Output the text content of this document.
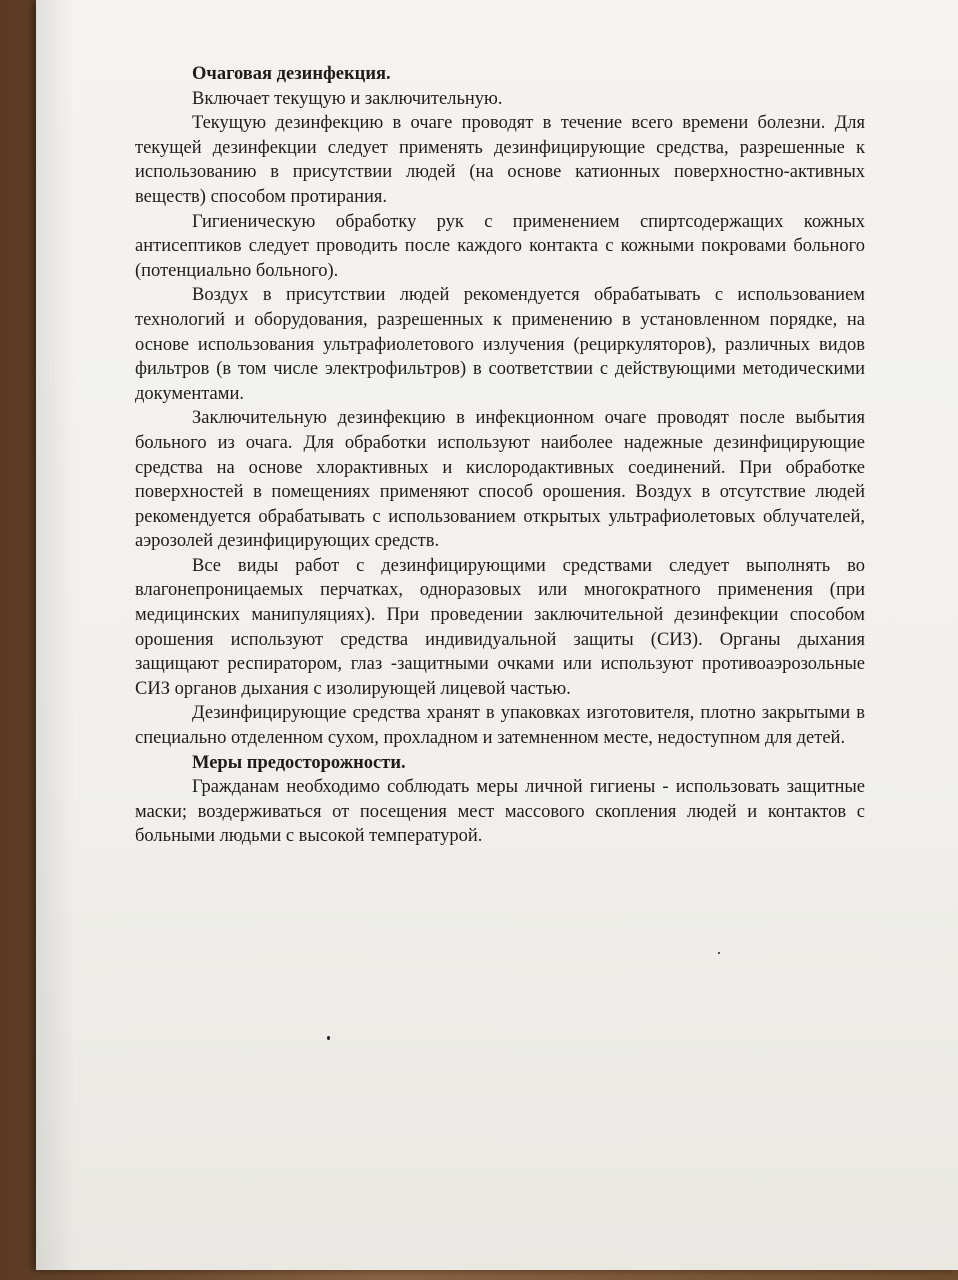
Очаговая дезинфекция.

Включает текущую и заключительную.

Текущую дезинфекцию в очаге проводят в течение всего времени болезни. Для текущей дезинфекции следует применять дезинфицирующие средства, разрешенные к использованию в присутствии людей (на основе катионных поверхностно-активных веществ) способом протирания.

Гигиеническую обработку рук с применением спиртсодержащих кожных антисептиков следует проводить после каждого контакта с кожными покровами больного (потенциально больного).

Воздух в присутствии людей рекомендуется обрабатывать с использованием технологий и оборудования, разрешенных к применению в установленном порядке, на основе использования ультрафиолетового излучения (рециркуляторов), различных видов фильтров (в том числе электрофильтров) в соответствии с действующими методическими документами.

Заключительную дезинфекцию в инфекционном очаге проводят после выбытия больного из очага. Для обработки используют наиболее надежные дезинфицирующие средства на основе хлорактивных и кислородактивных соединений. При обработке поверхностей в помещениях применяют способ орошения. Воздух в отсутствие людей рекомендуется обрабатывать с использованием открытых ультрафиолетовых облучателей, аэрозолей дезинфицирующих средств.

Все виды работ с дезинфицирующими средствами следует выполнять во влагонепроницаемых перчатках, одноразовых или многократного применения (при медицинских манипуляциях). При проведении заключительной дезинфекции способом орошения используют средства индивидуальной защиты (СИЗ). Органы дыхания защищают респиратором, глаз -защитными очками или используют противоаэрозольные СИЗ органов дыхания с изолирующей лицевой частью.

Дезинфицирующие средства хранят в упаковках изготовителя, плотно закрытыми в специально отделенном сухом, прохладном и затемненном месте, недоступном для детей.

Меры предосторожности.

Гражданам необходимо соблюдать меры личной гигиены - использовать защитные маски; воздерживаться от посещения мест массового скопления людей и контактов с больными людьми с высокой температурой.
